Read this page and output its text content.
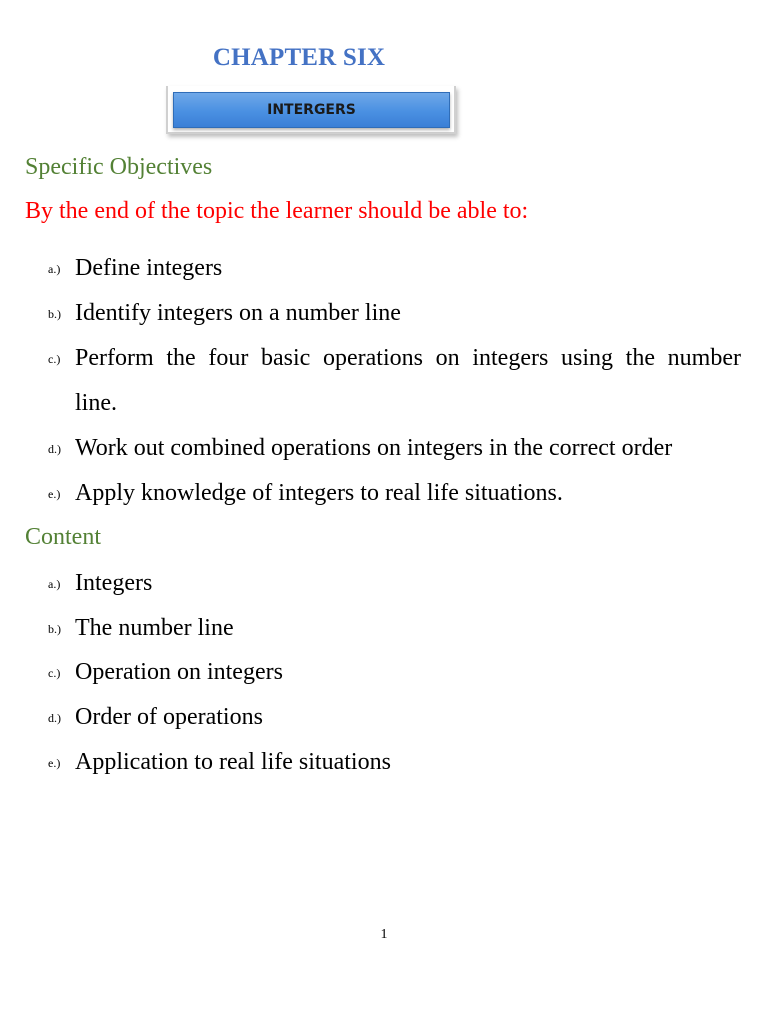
CHAPTER SIX
INTERGERS
Specific Objectives
By the end of the topic the learner should be able to:
a.) Define integers
b.) Identify integers on a number line
c.) Perform the four basic operations on integers using the number
line.
d.) Work out combined operations on integers in the correct order
e.) Apply knowledge of integers to real life situations.
Content
a.) Integers
b.) The number line
c.) Operation on integers
d.) Order of operations
e.) Application to real life situations
1
